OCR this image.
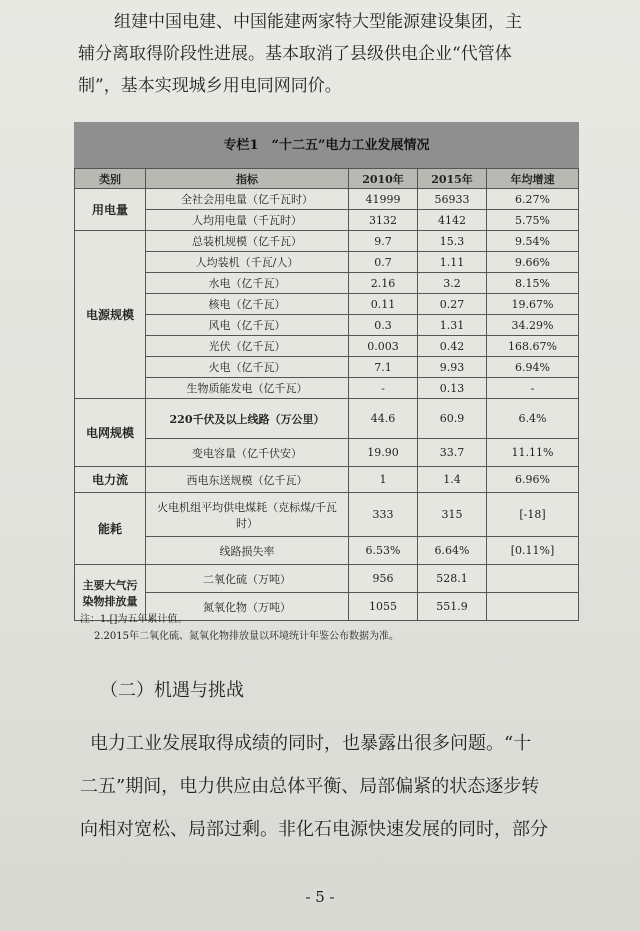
组建中国电建、中国能建两家特大型能源建设集团，主
辅分离取得阶段性进展。基本取消了县级供电企业“代管体
制”，基本实现城乡用电同网同价。
专栏1　“十二五”电力工业发展情况
类别	指标	2010年	2015年	年均增速
用电量	全社会用电量（亿千瓦时）	41999	56933	6.27%
	人均用电量（千瓦时）	3132	4142	5.75%
电源规模	总装机规模（亿千瓦）	9.7	15.3	9.54%
	人均装机（千瓦/人）	0.7	1.11	9.66%
	水电（亿千瓦）	2.16	3.2	8.15%
	核电（亿千瓦）	0.11	0.27	19.67%
	风电（亿千瓦）	0.3	1.31	34.29%
	光伏（亿千瓦）	0.003	0.42	168.67%
	火电（亿千瓦）	7.1	9.93	6.94%
	生物质能发电（亿千瓦）	-	0.13	-
电网规模	220千伏及以上线路（万公里）	44.6	60.9	6.4%
	变电容量（亿千伏安）	19.90	33.7	11.11%
电力流	西电东送规模（亿千瓦）	1	1.4	6.96%
能耗	火电机组平均供电煤耗（克标煤/千瓦时）	333	315	[-18]
	线路损失率	6.53%	6.64%	[0.11%]
主要大气污染物排放量	二氧化硫（万吨）	956	528.1	
	氮氧化物（万吨）	1055	551.9	
注：1.[]为五年累计值。
2.2015年二氧化硫、氮氧化物排放量以环境统计年鉴公布数据为准。
（二）机遇与挑战
电力工业发展取得成绩的同时，也暴露出很多问题。“十
二五”期间，电力供应由总体平衡、局部偏紧的状态逐步转
向相对宽松、局部过剩。非化石电源快速发展的同时，部分
- 5 -
